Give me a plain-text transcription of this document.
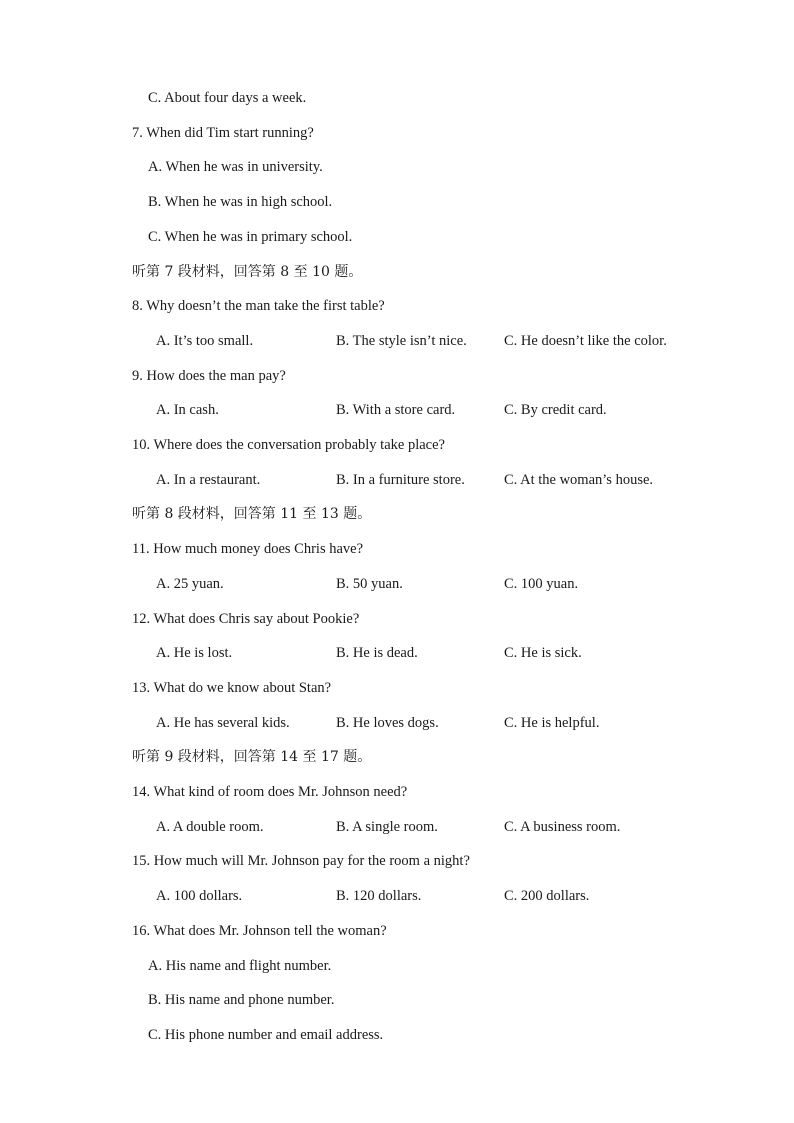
C. About four days a week.
7. When did Tim start running?
A. When he was in university.
B. When he was in high school.
C. When he was in primary school.
听第 7 段材料，回答第 8 至 10 题。
8. Why doesn’t the man take the first table?
A. It’s too small.	B. The style isn’t nice.	C. He doesn’t like the color.
9. How does the man pay?
A. In cash.	B. With a store card.	C. By credit card.
10. Where does the conversation probably take place?
A. In a restaurant.	B. In a furniture store.	C. At the woman’s house.
听第 8 段材料，回答第 11 至 13 题。
11. How much money does Chris have?
A. 25 yuan.	B. 50 yuan.	C. 100 yuan.
12. What does Chris say about Pookie?
A. He is lost.	B. He is dead.	C. He is sick.
13. What do we know about Stan?
A. He has several kids.	B. He loves dogs.	C. He is helpful.
听第 9 段材料，回答第 14 至 17 题。
14. What kind of room does Mr. Johnson need?
A. A double room.	B. A single room.	C. A business room.
15. How much will Mr. Johnson pay for the room a night?
A. 100 dollars.	B. 120 dollars.	C. 200 dollars.
16. What does Mr. Johnson tell the woman?
A. His name and flight number.
B. His name and phone number.
C. His phone number and email address.
